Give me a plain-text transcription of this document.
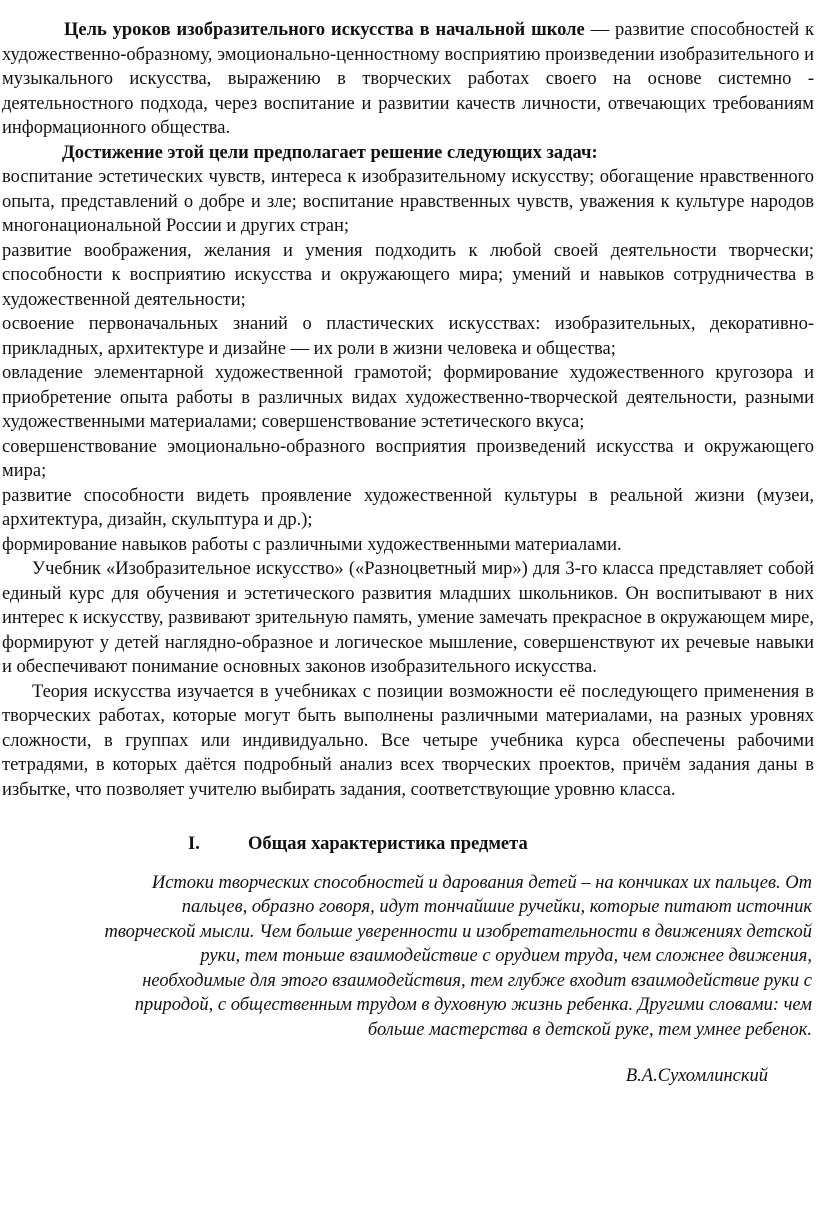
Цель уроков изобразительного искусства в начальной школе — развитие способностей к художественно-образному, эмоционально-ценностному восприятию произведении изобразительного и музыкального искусства, выражению в творческих работах своего на основе системно - деятельностного подхода, через воспитание и развитии качеств личности, отвечающих требованиям информационного общества.

Достижение этой цели предполагает решение следующих задач:

воспитание эстетических чувств, интереса к изобразительному искусству; обогащение нравственного опыта, представлений о добре и зле; воспитание нравственных чувств, уважения к культуре народов многонациональной России и других стран;

развитие воображения, желания и умения подходить к любой своей деятельности творчески; способности к восприятию искусства и окружающего мира; умений и навыков сотрудничества в художественной деятельности;

освоение первоначальных знаний о пластических искусствах: изобразительных, декоративно-прикладных, архитектуре и дизайне — их роли в жизни человека и общества;

овладение элементарной художественной грамотой; формирование художественного кругозора и приобретение опыта работы в различных видах художественно-творческой деятельности, разными художественными материалами; совершенствование эстетического вкуса;

совершенствование эмоционально-образного восприятия произведений искусства и окружающего мира;

развитие способности видеть проявление художественной культуры в реальной жизни (музеи, архитектура, дизайн, скульптура и др.);

формирование навыков работы с различными художественными материалами.

Учебник «Изобразительное искусство» («Разноцветный мир») для 3-го класса представляет собой единый курс для обучения и эстетического развития младших школьников. Он воспитывают в них интерес к искусству, развивают зрительную память, умение замечать прекрасное в окружающем мире, формируют у детей наглядно-образное и логическое мышление, совершенствуют их речевые навыки и обеспечивают понимание основных законов изобразительного искусства.

Теория искусства изучается в учебниках с позиции возможности её последующего применения в творческих работах, которые могут быть выполнены различными материалами, на разных уровнях сложности, в группах или индивидуально. Все четыре учебника курса обеспечены рабочими тетрадями, в которых даётся подробный анализ всех творческих проектов, причём задания даны в избытке, что позволяет учителю выбирать задания, соответствующие уровню класса.

I.	Общая характеристика предмета

Истоки творческих способностей и дарования детей – на кончиках их пальцев. От пальцев, образно говоря, идут тончайшие ручейки, которые питают источник творческой мысли. Чем больше уверенности и изобретательности в движениях детской руки, тем тоньше взаимодействие с орудием труда, чем сложнее движения, необходимые для этого взаимодействия, тем глубже входит взаимодействие руки с природой, с общественным трудом в духовную жизнь ребенка. Другими словами: чем больше мастерства в детской руке, тем умнее ребенок.

В.А.Сухомлинский
